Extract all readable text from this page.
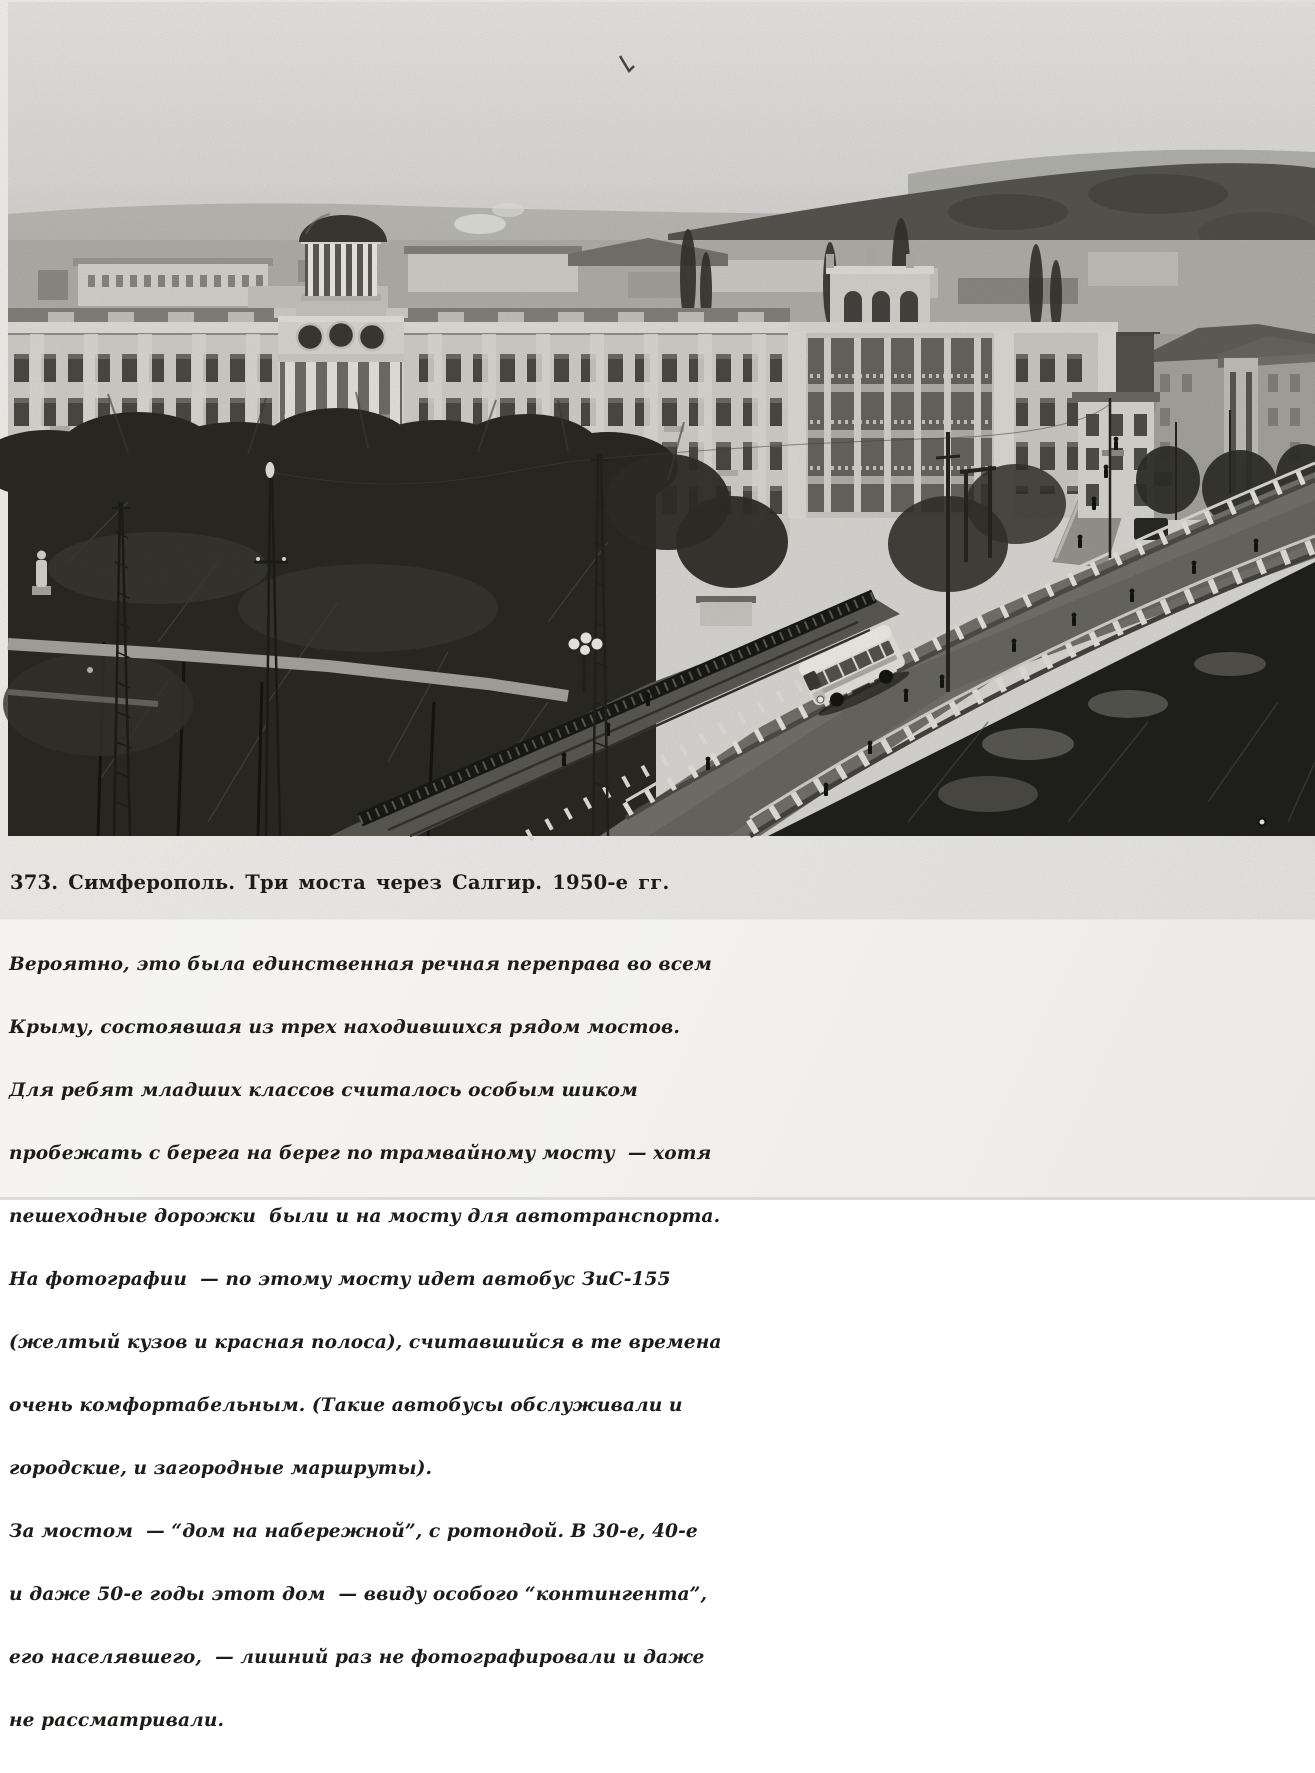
373. Симферополь. Три моста через Салгир. 1950-е гг.

Вероятно, это была единственная речная переправа во всем

Крыму, состоявшая из трех находившихся рядом мостов.

Для ребят младших классов считалось особым шиком

пробежать с берега на берег по трамвайному мосту  — хотя

пешеходные дорожки  были и на мосту для автотранспорта.

На фотографии  — по этому мосту идет автобус ЗиС-155

(желтый кузов и красная полоса), считавшийся в те времена

очень комфортабельным. (Такие автобусы обслуживали и

городские, и загородные маршруты).

За мостом  — “дом на набережной”, с ротондой. В 30-е, 40-е

и даже 50-е годы этот дом  — ввиду особого “контингента”,

его населявшего,  — лишний раз не фотографировали и даже

не рассматривали.
